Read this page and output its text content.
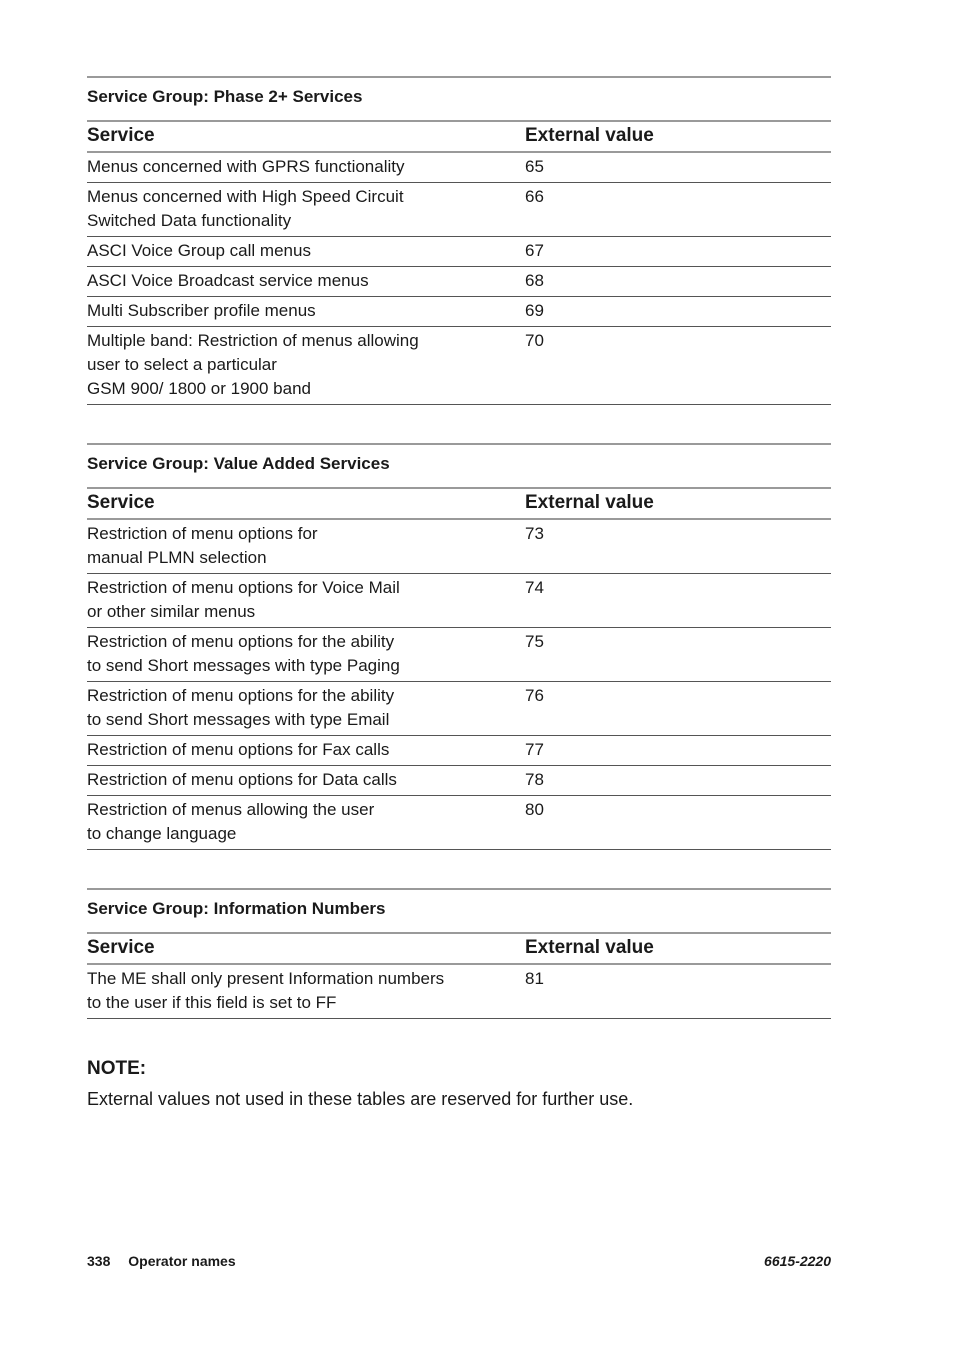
Service Group: Phase 2+ Services
Service	External value
Menus concerned with GPRS functionality	65
Menus concerned with High Speed Circuit
Switched Data functionality	66
ASCI Voice Group call menus	67
ASCI Voice Broadcast service menus	68
Multi Subscriber profile menus	69
Multiple band: Restriction of menus allowing
user to select a particular
GSM 900/ 1800 or 1900 band	70
Service Group: Value Added Services
Service	External value
Restriction of menu options for
manual PLMN selection	73
Restriction of menu options for Voice Mail
or other similar menus	74
Restriction of menu options for the ability
to send Short messages with type Paging	75
Restriction of menu options for the ability
to send Short messages with type Email	76
Restriction of menu options for Fax calls	77
Restriction of menu options for Data calls	78
Restriction of menus allowing the user
to change language	80
Service Group: Information Numbers
Service	External value
The ME shall only present Information numbers
to the user if this field is set to FF	81
NOTE:
External values not used in these tables are reserved for further use.
338 Operator names	6615-2220
